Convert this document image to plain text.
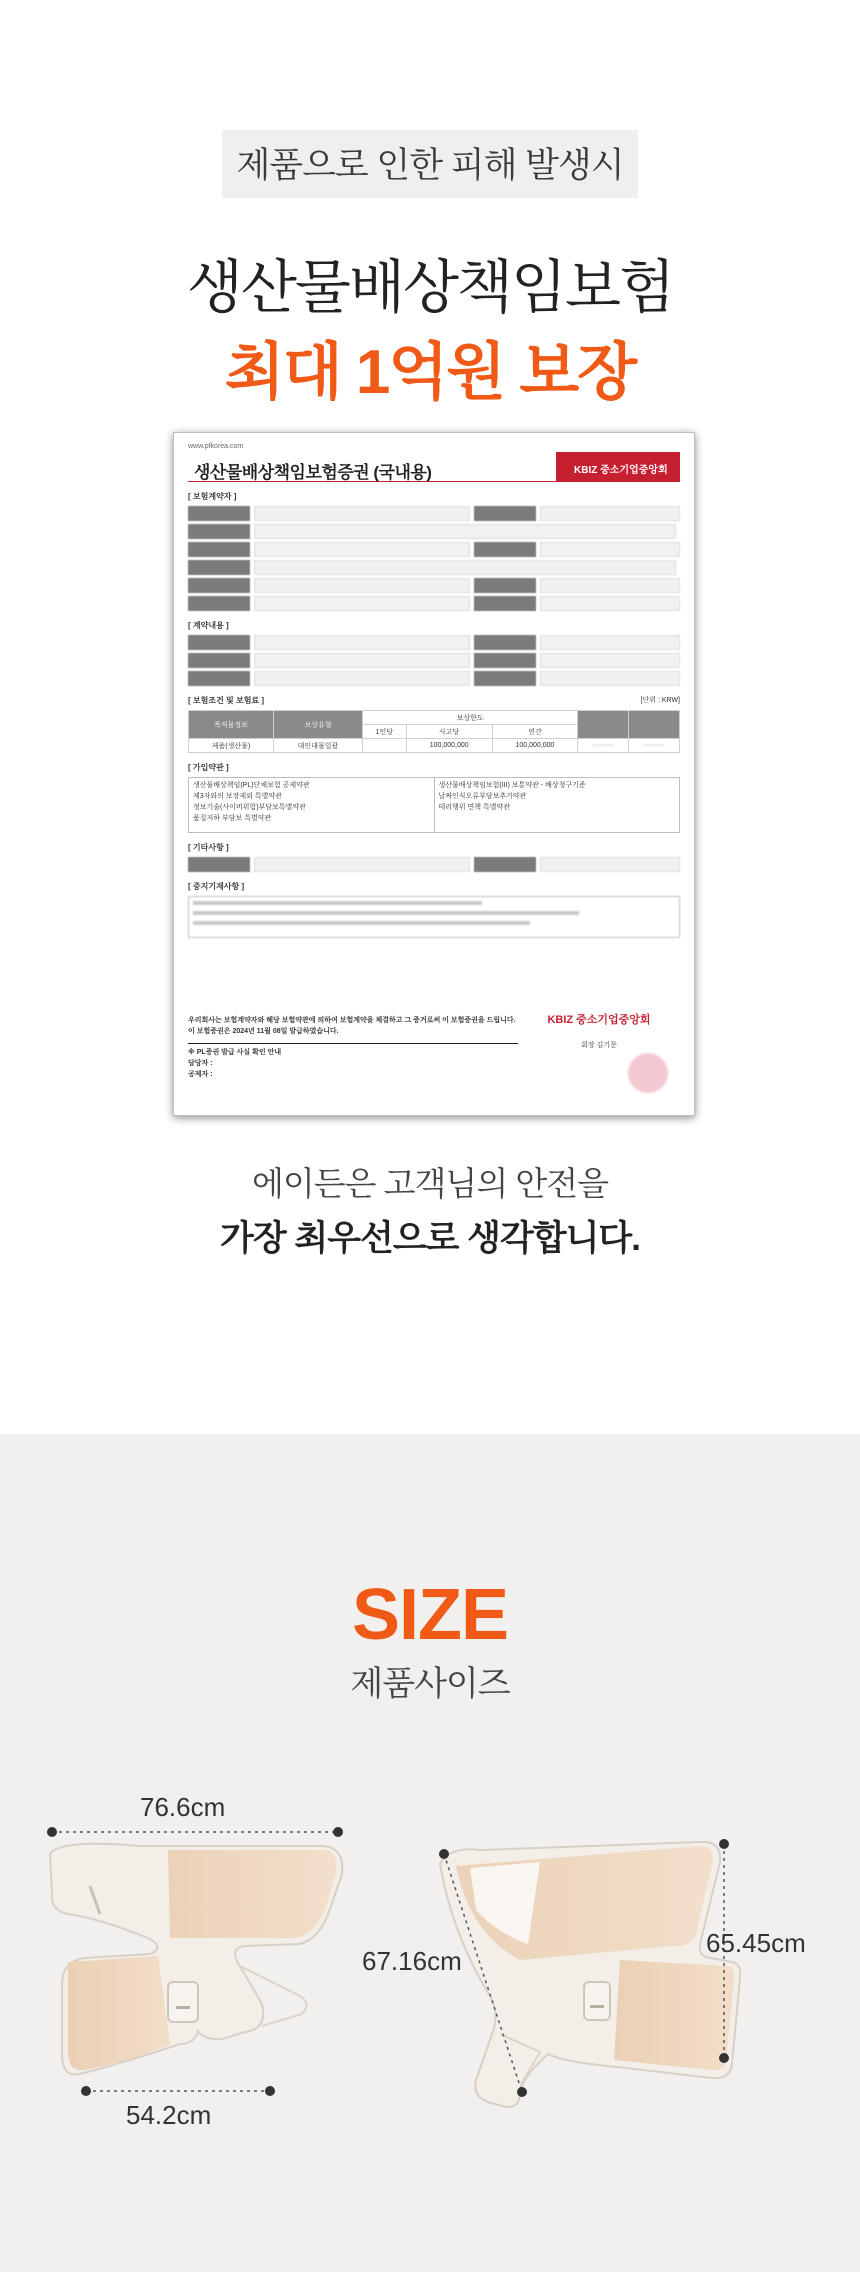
제품으로 인한 피해 발생시
생산물배상책임보험
최대 1억원 보장
www.pfkorea.com
생산물배상책임보험증권 (국내용)	KBIZ 중소기업중앙회
[ 보험계약자 ]
[ 계약내용 ]
[ 보험조건 및 보험료 ]	[단위 : KRW]
목적물정보	보상유형	보상한도				
		1인당	사고당	연간		
제품(생산물)	대인대물일괄		100,000,000	100,000,000	———	———
[ 가입약관 ]
생산물배상책임(PL)단체보험 공제약관
제3자와의 보장제외 특별약관
정보기술(사이버위험)부담보특별약관
품질저하 부담보 특별약관
생산물배상책임보험(III) 보통약관 - 배상청구기준
날짜인식오류부담보추가약관
테러행위 면책 특별약관
[ 기타사항 ]
[ 중지기재사항 ]
우리회사는 보험계약자와 해당 보험약관에 의하여 보험계약을 체결하고 그 증거로써 이 보험증권을 드립니다. 이 보험증권은 2024년 11월 08일 발급하였습니다.
※ PL증권 발급 사실 확인 안내
담당자 :
공제자 :
KBIZ 중소기업중앙회
회장 김기문
에이든은 고객님의 안전을
가장 최우선으로 생각합니다.
SIZE
제품사이즈
76.6cm
54.2cm
67.16cm
65.45cm
